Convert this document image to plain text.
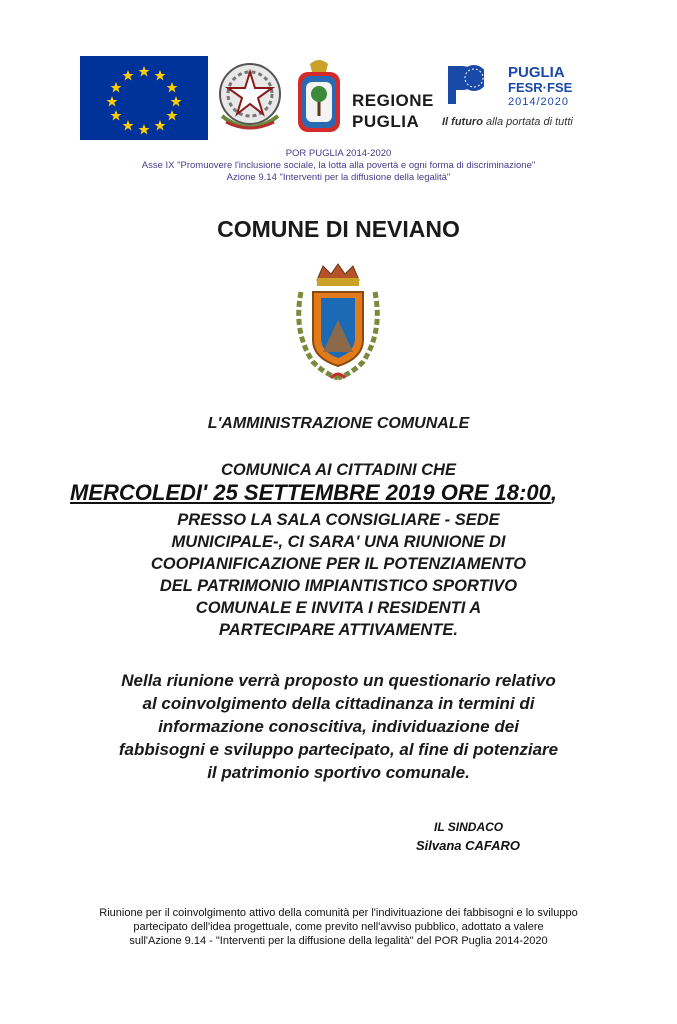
REGIONE
PUGLIA
PUGLIA
FESR·FSE
2014/2020
Il futuro alla portata di tutti
POR PUGLIA 2014-2020
Asse IX "Promuovere l'inclusione sociale, la lotta alla povertà e ogni forma di discriminazione"
Azione 9.14 "Interventi per la diffusione della legalità"
COMUNE DI NEVIANO
L'AMMINISTRAZIONE COMUNALE
COMUNICA AI CITTADINI CHE
MERCOLEDI' 25 SETTEMBRE 2019 ORE 18:00,
PRESSO LA SALA CONSIGLIARE - SEDE
MUNICIPALE-, CI SARA' UNA RIUNIONE DI
COOPIANIFICAZIONE PER IL POTENZIAMENTO
DEL PATRIMONIO IMPIANTISTICO SPORTIVO
COMUNALE E INVITA I RESIDENTI A
PARTECIPARE ATTIVAMENTE.
Nella riunione verrà proposto un questionario relativo
al coinvolgimento della cittadinanza in termini di
informazione conoscitiva, individuazione dei
fabbisogni e sviluppo partecipato, al fine di potenziare
il patrimonio sportivo comunale.
IL SINDACO
Silvana CAFARO
Riunione per il coinvolgimento attivo della comunità per l'indivituazione dei fabbisogni e lo sviluppo
partecipato dell'idea progettuale, come previto nell'avviso pubblico, adottato a valere
sull'Azione 9.14 - "Interventi per la diffusione della legalità" del POR Puglia 2014-2020
